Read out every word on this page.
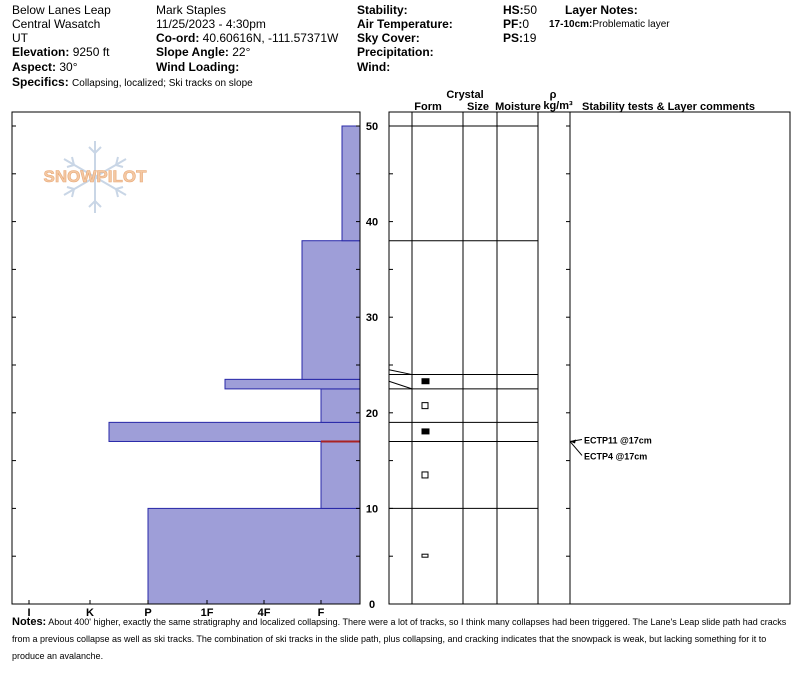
Below Lanes Leap
Central Wasatch
UT
Elevation: 9250 ft
Aspect: 30°
Specifics: Collapsing, localized; Ski tracks on slope
Mark Staples
11/25/2023 - 4:30pm
Co-ord: 40.60616N, -111.57371W
Slope Angle: 22°
Wind Loading:
Stability:
Air Temperature:
Sky Cover:
Precipitation:
Wind:
HS:50
PF:0
PS:19
Layer Notes:
17-10cm:Problematic layer
Crystal
Form	Size Moisture
ρ
kg/m³ Stability tests & Layer comments
I	K	P	1F	4F	F
0
10
20
30
40
50
ECTP11 @17cm
ECTP4 @17cm
SNOWPILOT
Notes: About 400' higher, exactly the same stratigraphy and localized collapsing. There were a lot of tracks, so I think many collapses had been triggered. The Lane's Leap slide path had cracks from a previous collapse as well as ski tracks. The combination of ski tracks in the slide path, plus collapsing, and cracking indicates that the snowpack is weak, but lacking something for it to produce an avalanche.
